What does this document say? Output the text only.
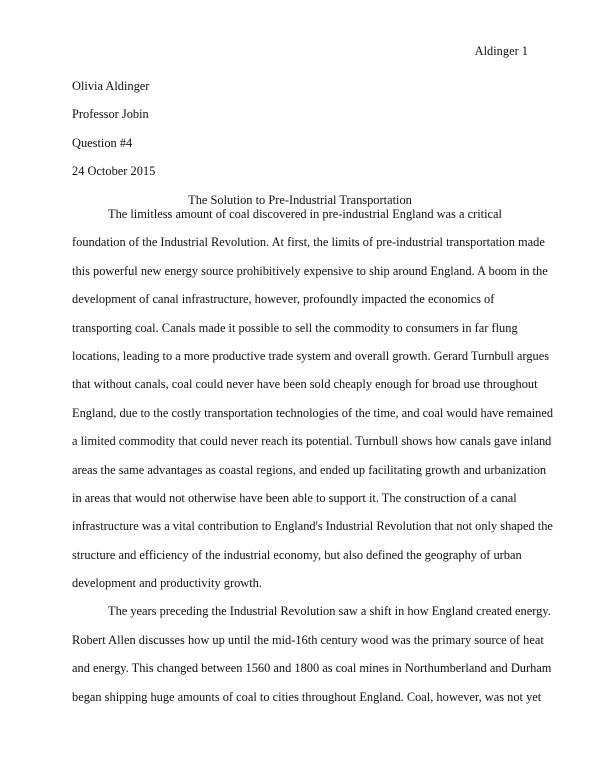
Aldinger 1
Olivia Aldinger
Professor Jobin
Question #4
24 October 2015
The Solution to Pre-Industrial Transportation
The limitless amount of coal discovered in pre-industrial England was a critical
foundation of the Industrial Revolution. At first, the limits of pre-industrial transportation made
this powerful new energy source prohibitively expensive to ship around England. A boom in the
development of canal infrastructure, however, profoundly impacted the economics of
transporting coal. Canals made it possible to sell the commodity to consumers in far flung
locations, leading to a more productive trade system and overall growth. Gerard Turnbull argues
that without canals, coal could never have been sold cheaply enough for broad use throughout
England, due to the costly transportation technologies of the time, and coal would have remained
a limited commodity that could never reach its potential. Turnbull shows how canals gave inland
areas the same advantages as coastal regions, and ended up facilitating growth and urbanization
in areas that would not otherwise have been able to support it. The construction of a canal
infrastructure was a vital contribution to England's Industrial Revolution that not only shaped the
structure and efficiency of the industrial economy, but also defined the geography of urban
development and productivity growth.
The years preceding the Industrial Revolution saw a shift in how England created energy.
Robert Allen discusses how up until the mid-16th century wood was the primary source of heat
and energy. This changed between 1560 and 1800 as coal mines in Northumberland and Durham
began shipping huge amounts of coal to cities throughout England. Coal, however, was not yet
